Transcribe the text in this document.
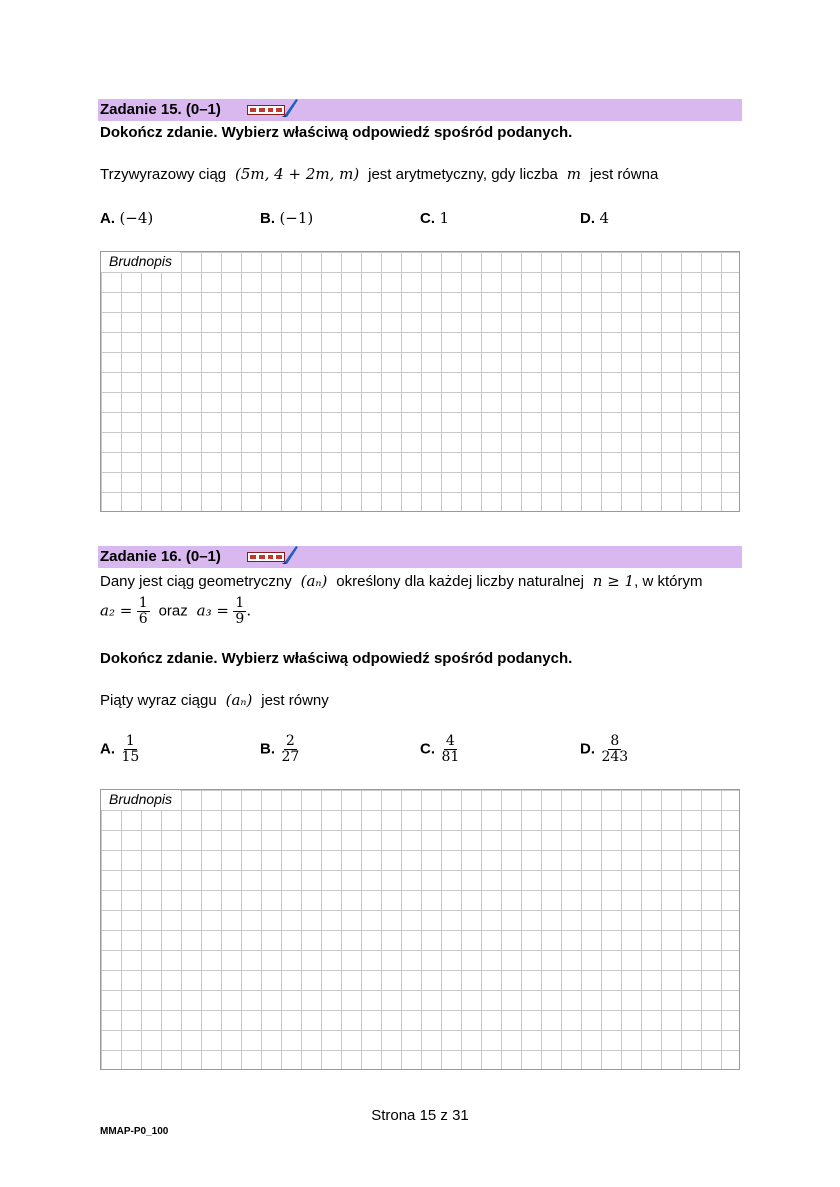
Zadanie 15. (0–1)
Dokończ zdanie. Wybierz właściwą odpowiedź spośród podanych.
Trzywyrazowy ciąg (5m, 4 + 2m, m) jest arytmetyczny, gdy liczba m jest równa
A. (−4)	B. (−1)	C. 1	D. 4
Brudnopis
Zadanie 16. (0–1)
Dany jest ciąg geometryczny (aₙ) określony dla każdej liczby naturalnej n ≥ 1, w którym
$a_2 = \frac{1}{6}$ oraz $a_3 = \frac{1}{9}$ .
Dokończ zdanie. Wybierz właściwą odpowiedź spośród podanych.
Piąty wyraz ciągu (aₙ) jest równy
A. $\frac{1}{15}$	B. $\frac{2}{27}$	C. $\frac{4}{81}$	D. $\frac{8}{243}$
Brudnopis
Strona 15 z 31
MMAP-P0_100
